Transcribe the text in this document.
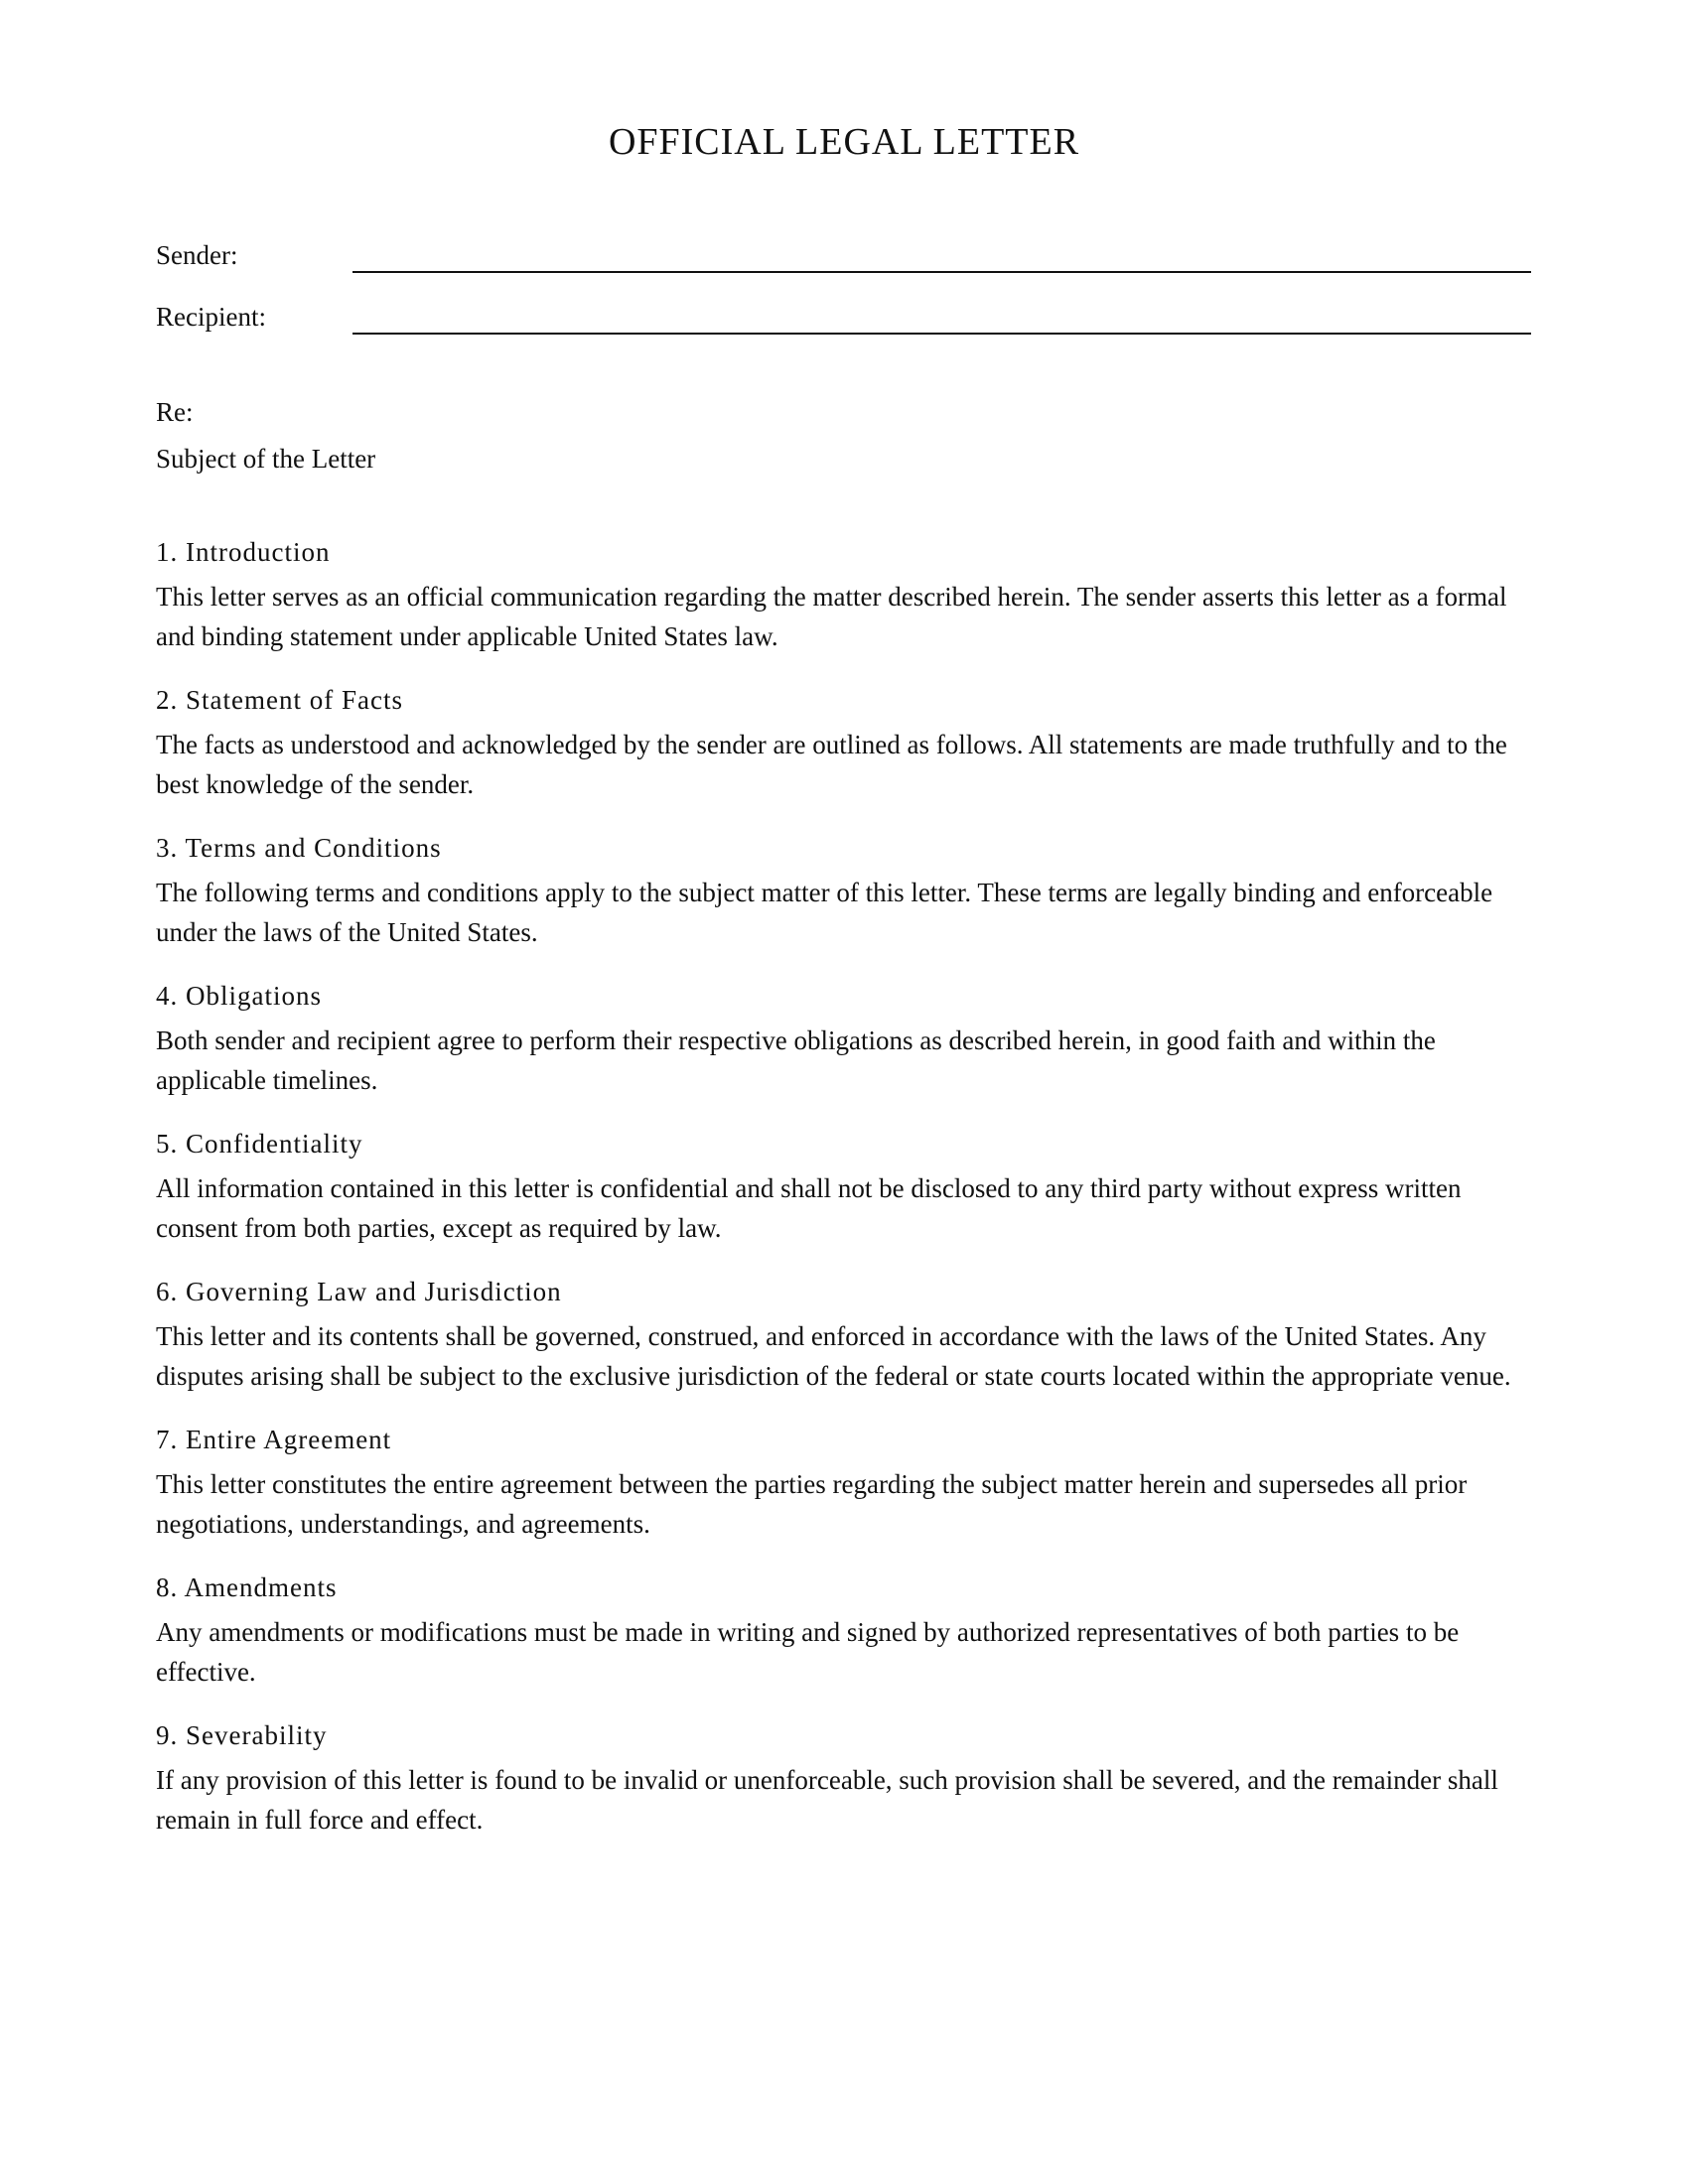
OFFICIAL LEGAL LETTER
Sender:
Recipient:
Re:
Subject of the Letter
1. Introduction

This letter serves as an official communication regarding the matter described herein. The sender asserts this letter as a formal and binding statement under applicable United States law.

2. Statement of Facts

The facts as understood and acknowledged by the sender are outlined as follows. All statements are made truthfully and to the best knowledge of the sender.

3. Terms and Conditions

The following terms and conditions apply to the subject matter of this letter. These terms are legally binding and enforceable under the laws of the United States.

4. Obligations

Both sender and recipient agree to perform their respective obligations as described herein, in good faith and within the applicable timelines.

5. Confidentiality

All information contained in this letter is confidential and shall not be disclosed to any third party without express written consent from both parties, except as required by law.

6. Governing Law and Jurisdiction

This letter and its contents shall be governed, construed, and enforced in accordance with the laws of the United States. Any disputes arising shall be subject to the exclusive jurisdiction of the federal or state courts located within the appropriate venue.

7. Entire Agreement

This letter constitutes the entire agreement between the parties regarding the subject matter herein and supersedes all prior negotiations, understandings, and agreements.

8. Amendments

Any amendments or modifications must be made in writing and signed by authorized representatives of both parties to be effective.

9. Severability

If any provision of this letter is found to be invalid or unenforceable, such provision shall be severed, and the remainder shall remain in full force and effect.
